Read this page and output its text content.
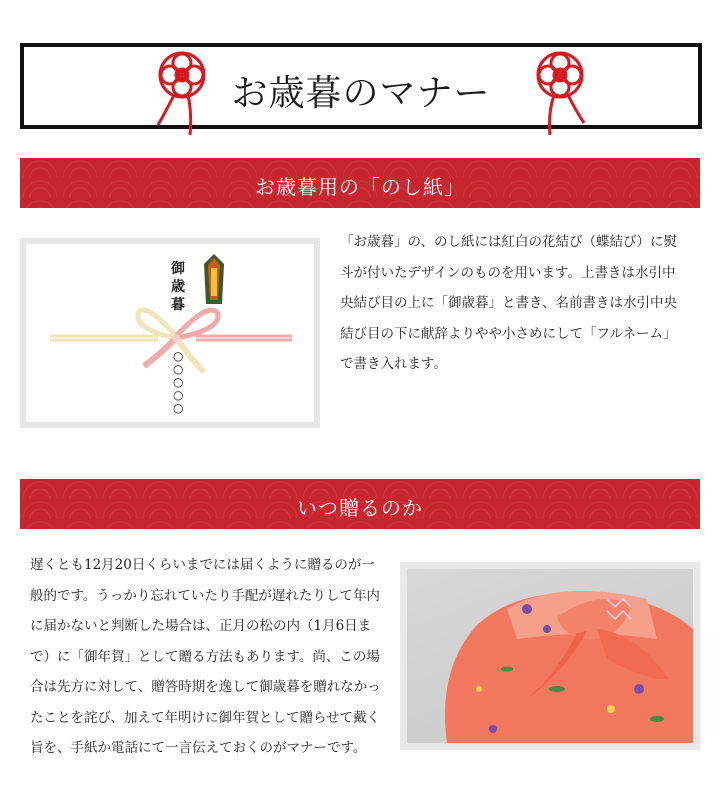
お歳暮のマナー
お歳暮用の「のし紙」
御歳暮
○○○○○

「お歳暮」の、のし紙には紅白の花結び（蝶結び）に熨斗が付いたデザインのものを用います。上書きは水引中央結び目の上に「御歳暮」と書き、名前書きは水引中央結び目の下に献辞よりやや小さめにして「フルネーム」で書き入れます。

いつ贈るのか

遅くとも12月20日くらいまでには届くように贈るのが一般的です。うっかり忘れていたり手配が遅れたりして年内に届かないと判断した場合は、正月の松の内（1月6日まで）に「御年賀」として贈る方法もあります。尚、この場合は先方に対して、贈答時期を逸して御歳暮を贈れなかったことを詫び、加えて年明けに御年賀として贈らせて戴く旨を、手紙か電話にて一言伝えておくのがマナーです。
